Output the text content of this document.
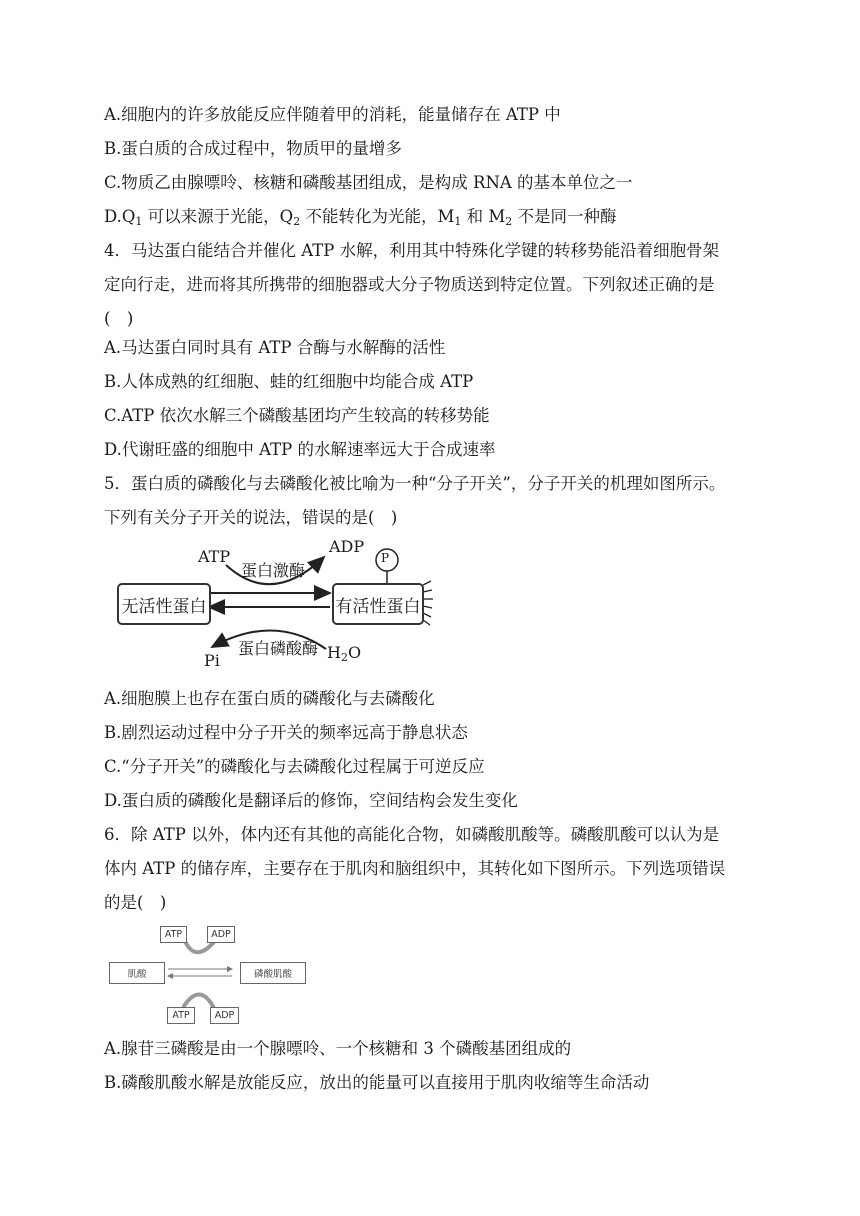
A.细胞内的许多放能反应伴随着甲的消耗，能量储存在 ATP 中
B.蛋白质的合成过程中，物质甲的量增多
C.物质乙由腺嘌呤、核糖和磷酸基团组成，是构成 RNA 的基本单位之一
$D.Q_1$ 可以来源于光能，$Q_2$ 不能转化为光能，$M_1$ 和 $M_2$ 不是同一种酶
4．马达蛋白能结合并催化 ATP 水解，利用其中特殊化学键的转移势能沿着细胞骨架
定向行走，进而将其所携带的细胞器或大分子物质送到特定位置。下列叙述正确的是
(　)
A.马达蛋白同时具有 ATP 合酶与水解酶的活性
B.人体成熟的红细胞、蛙的红细胞中均能合成 ATP
C.ATP 依次水解三个磷酸基团均产生较高的转移势能
D.代谢旺盛的细胞中 ATP 的水解速率远大于合成速率
5．蛋白质的磷酸化与去磷酸化被比喻为一种“分子开关”，分子开关的机理如图所示。
下列有关分子开关的说法，错误的是(　)
无活性蛋白	有活性蛋白
ATP
ADP
蛋白激酶
P
蛋白磷酸酶
Pi	$H_2O$
A.细胞膜上也存在蛋白质的磷酸化与去磷酸化
B.剧烈运动过程中分子开关的频率远高于静息状态
C.“分子开关”的磷酸化与去磷酸化过程属于可逆反应
D.蛋白质的磷酸化是翻译后的修饰，空间结构会发生变化
6．除 ATP 以外，体内还有其他的高能化合物，如磷酸肌酸等。磷酸肌酸可以认为是
体内 ATP 的储存库，主要存在于肌肉和脑组织中，其转化如下图所示。下列选项错误
的是(　)
ATP	ADP
肌酸	磷酸肌酸
ATP	ADP
A.腺苷三磷酸是由一个腺嘌呤、一个核糖和 3 个磷酸基团组成的
B.磷酸肌酸水解是放能反应，放出的能量可以直接用于肌肉收缩等生命活动
